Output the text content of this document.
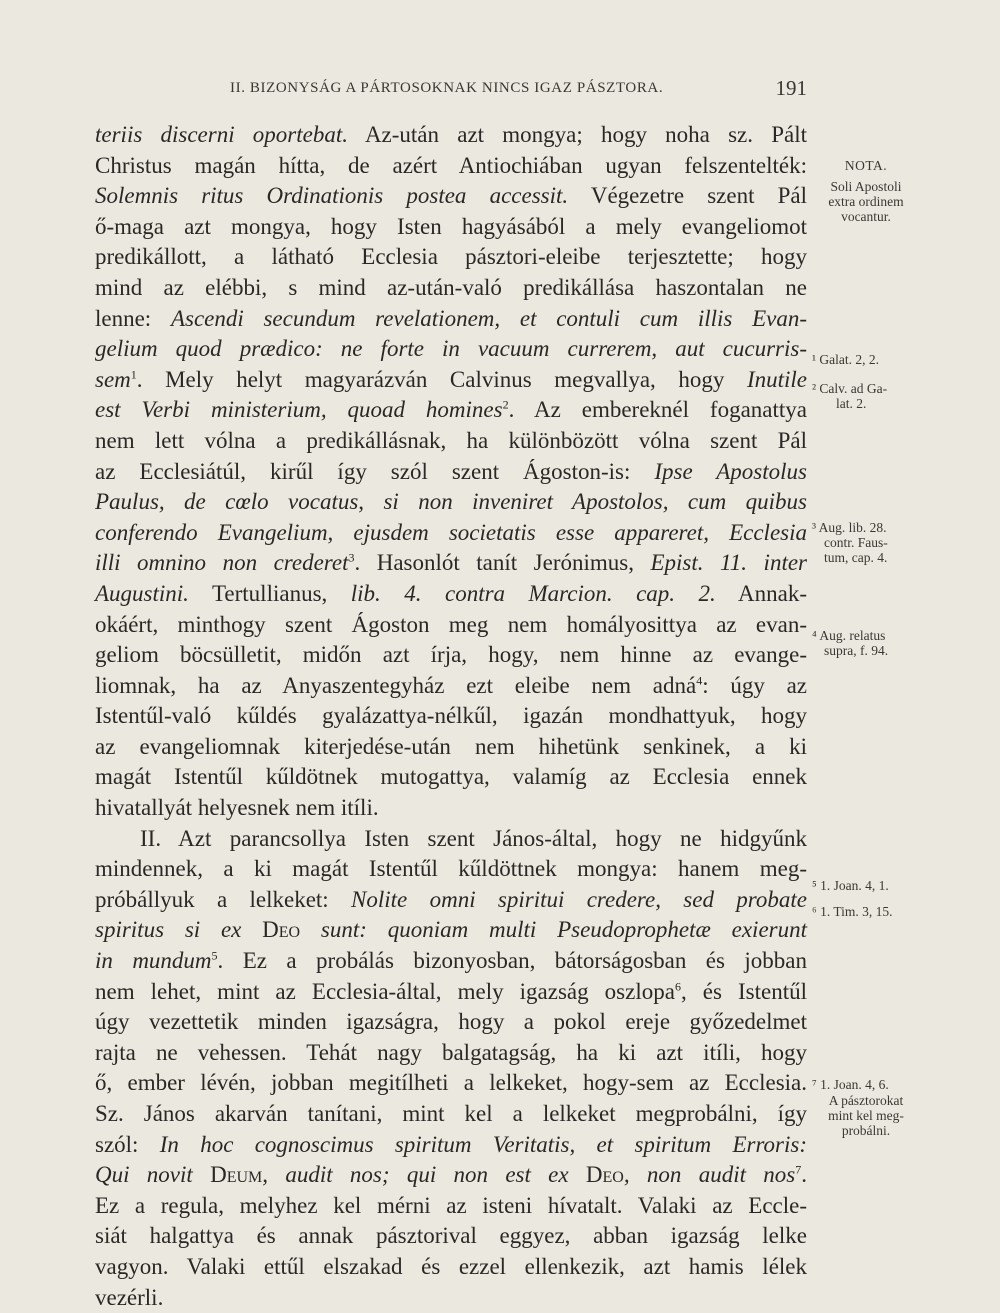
II. BIZONYSÁG A PÁRTOSOKNAK NINCS IGAZ PÁSZTORA.	191
teriis discerni oportebat. Az-után azt mongya; hogy noha sz. Pált
Christus magán hítta, de azért Antiochiában ugyan felszentelték:
Solemnis ritus Ordinationis postea accessit. Végezetre szent Pál
ő-maga azt mongya, hogy Isten hagyásából a mely evangeliomot
predikállott, a látható Ecclesia pásztori-eleibe terjesztette; hogy
mind az elébbi, s mind az-után-való predikállása haszontalan ne
lenne: Ascendi secundum revelationem, et contuli cum illis Evan-
gelium quod prædico: ne forte in vacuum currerem, aut cucurris-
sem$^1$. Mely helyt magyarázván Calvinus megvallya, hogy Inutile
est Verbi ministerium, quoad homines$^2$. Az embereknél foganattya
nem lett vólna a predikállásnak, ha különbözött vólna szent Pál
az Ecclesiátúl, kirűl így szól szent Ágoston-is: Ipse Apostolus
Paulus, de cœlo vocatus, si non inveniret Apostolos, cum quibus
conferendo Evangelium, ejusdem societatis esse appareret, Ecclesia
illi omnino non crederet$^3$. Hasonlót tanít Jerónimus, Epist. 11. inter
Augustini. Tertullianus, lib. 4. contra Marcion. cap. 2. Annak-
okáért, minthogy szent Ágoston meg nem homályosittya az evan-
geliom böcsülletit, midőn azt írja, hogy, nem hinne az evange-
liomnak, ha az Anyaszentegyház ezt eleibe nem adná$^4$: úgy az
Istentűl-való kűldés gyalázattya-nélkűl, igazán mondhattyuk, hogy
az evangeliomnak kiterjedése-után nem hihetünk senkinek, a ki
magát Istentűl kűldötnek mutogattya, valamíg az Ecclesia ennek
hivatallyát helyesnek nem itíli.
II. Azt parancsollya Isten szent János-által, hogy ne hidgyűnk
mindennek, a ki magát Istentűl kűldöttnek mongya: hanem meg-
próbállyuk a lelkeket: Nolite omni spiritui credere, sed probate
spiritus si ex Deo sunt: quoniam multi Pseudoprophetæ exierunt
in mundum$^5$. Ez a probálás bizonyosban, bátorságosban és jobban
nem lehet, mint az Ecclesia-által, mely igazság oszlopa$^6$, és Istentűl
úgy vezettetik minden igazságra, hogy a pokol ereje győzedelmet
rajta ne vehessen. Tehát nagy balgatagság, ha ki azt itíli, hogy
ő, ember lévén, jobban megitílheti a lelkeket, hogy-sem az Ecclesia.
Sz. János akarván tanítani, mint kel a lelkeket megprobálni, így
szól: In hoc cognoscimus spiritum Veritatis, et spiritum Erroris:
Qui novit Deum, audit nos; qui non est ex Deo, non audit nos$^7$.
Ez a regula, melyhez kel mérni az isteni hívatalt. Valaki az Eccle-
siát halgattya és annak pásztorival eggyez, abban igazság lelke
vagyon. Valaki ettűl elszakad és ezzel ellenkezik, azt hamis lélek
vezérli.
NOTA.
Soli Apostoli
extra ordinem
vocantur.
¹ Galat. 2, 2.
² Calv. ad Ga-
lat. 2.
³ Aug. lib. 28.
contr. Faus-
tum, cap. 4.
⁴ Aug. relatus
supra, f. 94.
⁵ 1. Joan. 4, 1.
⁶ 1. Tim. 3, 15.
⁷ 1. Joan. 4, 6.
A pásztorokat
mint kel meg-
probálni.
